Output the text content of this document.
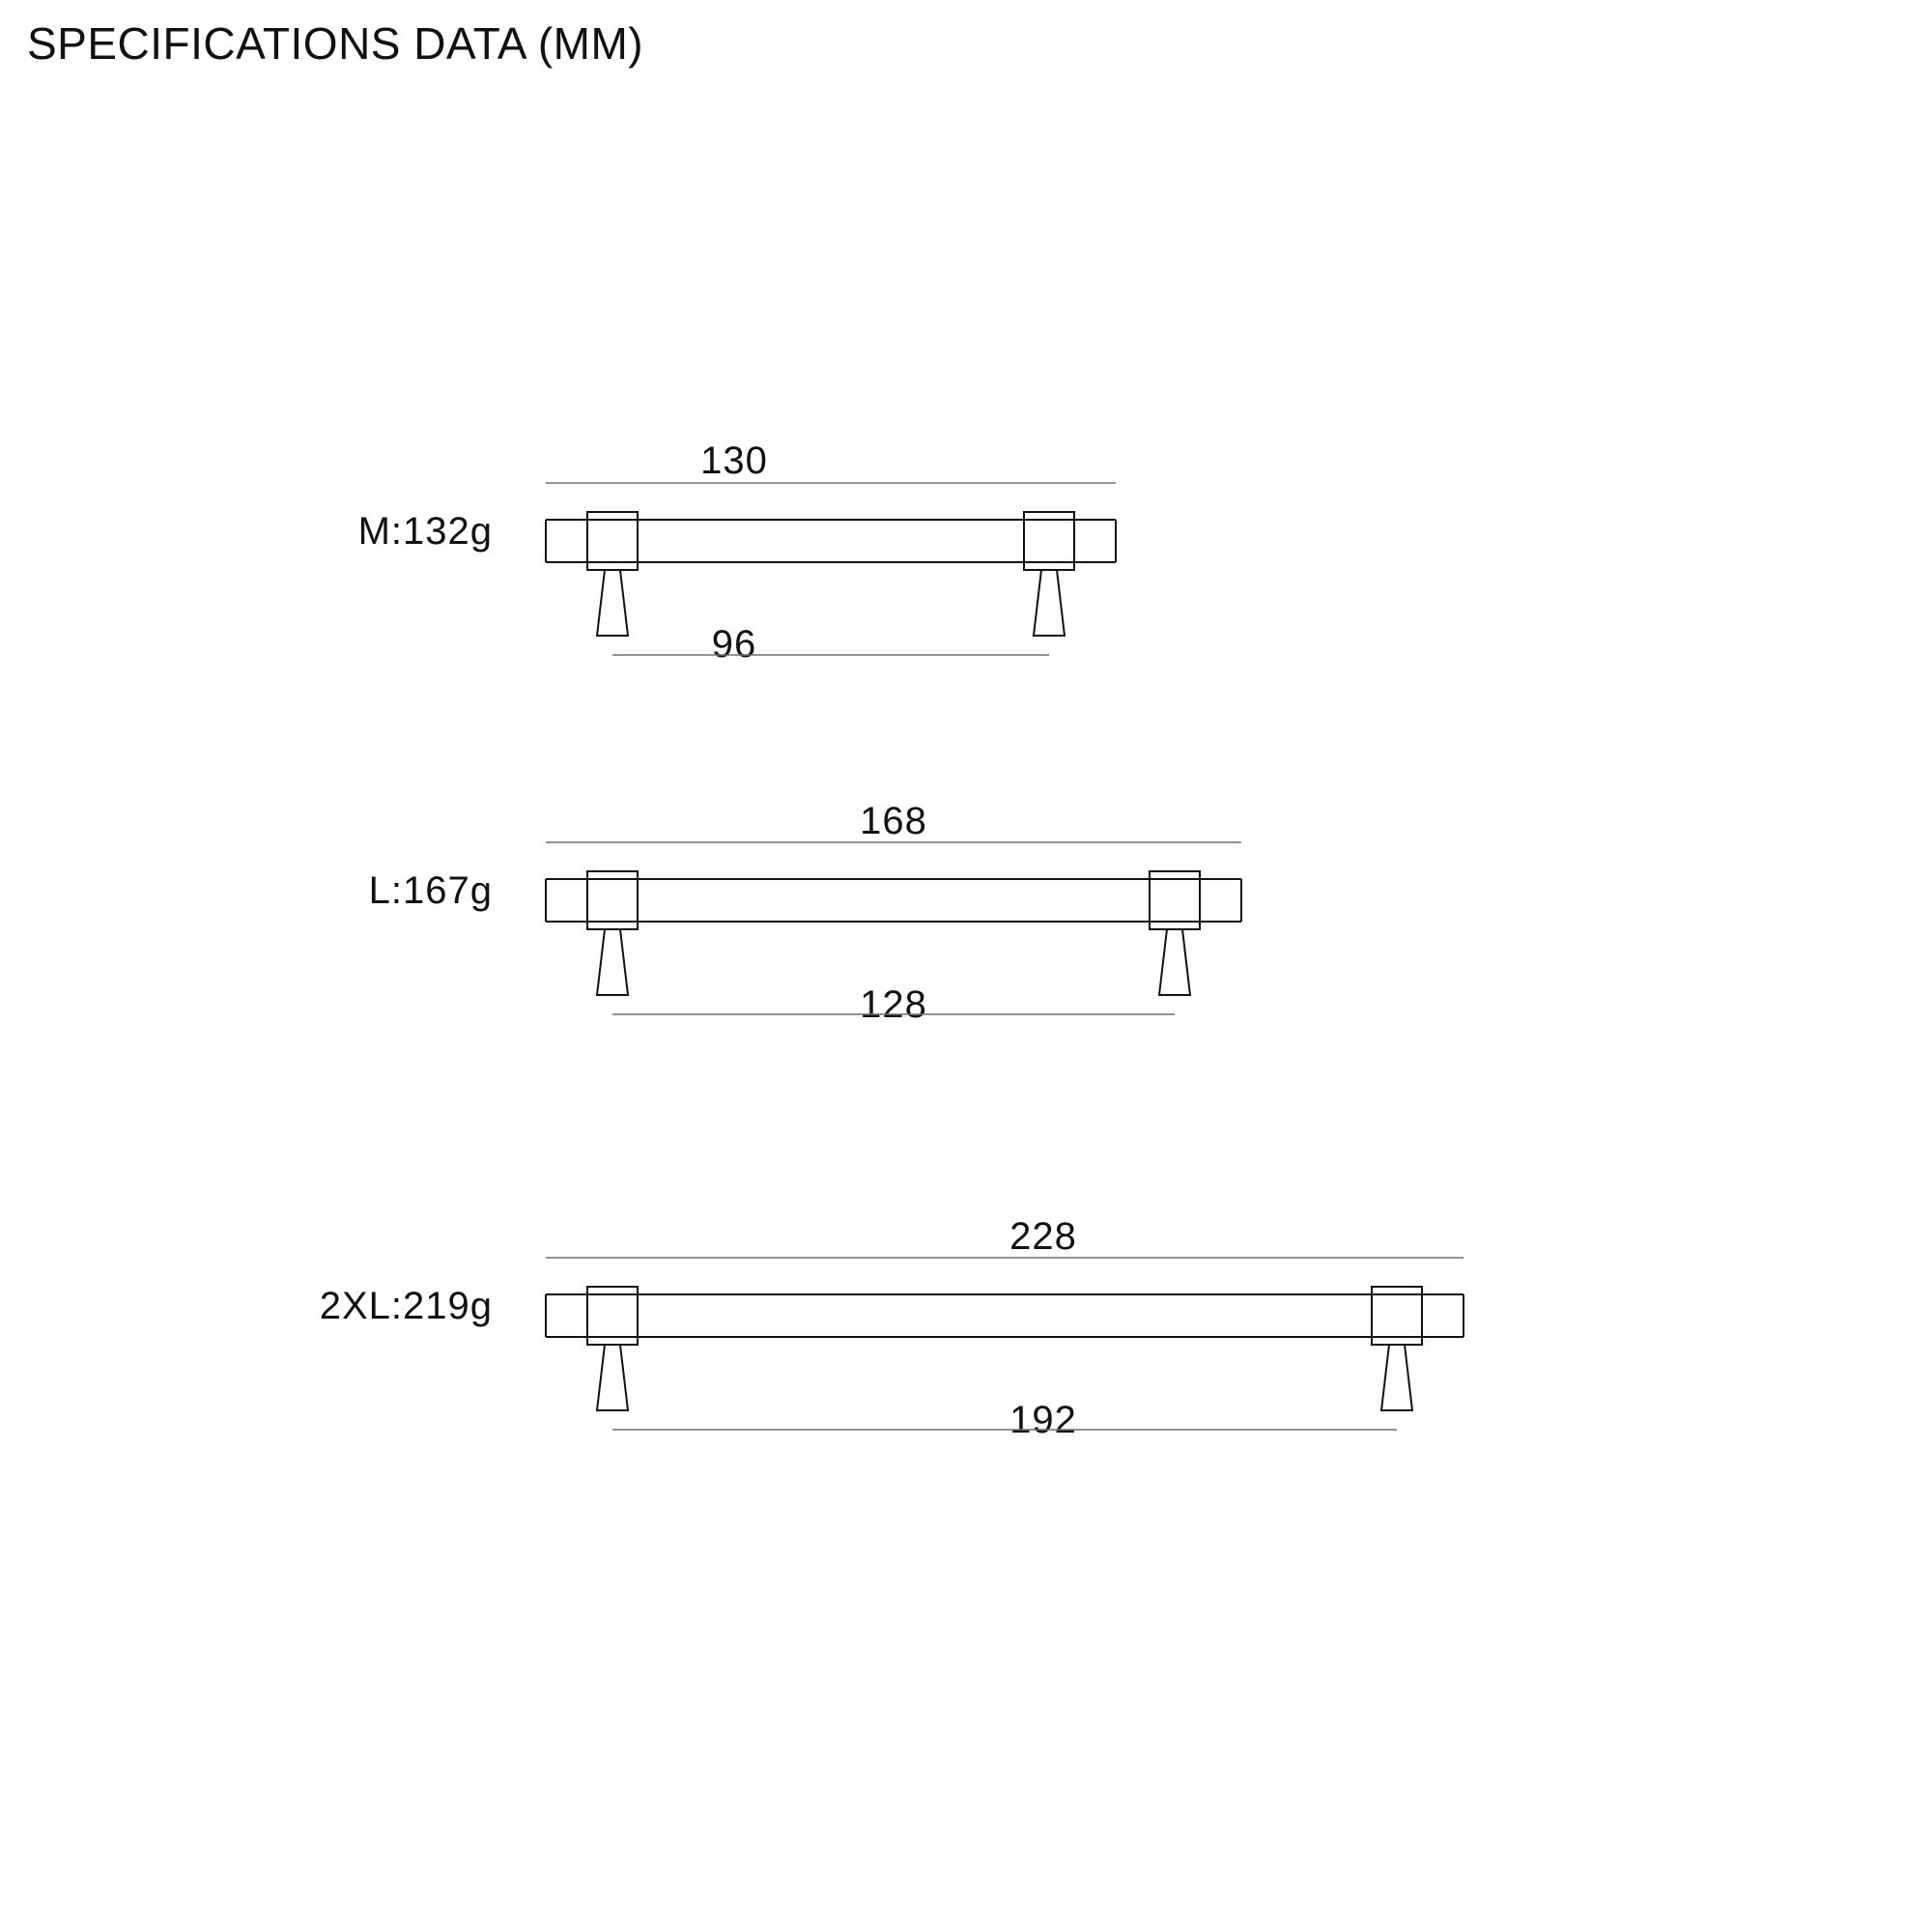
SPECIFICATIONS DATA (MM)
M:132g
130
96
L:167g
168
128
2XL:219g
228
192
